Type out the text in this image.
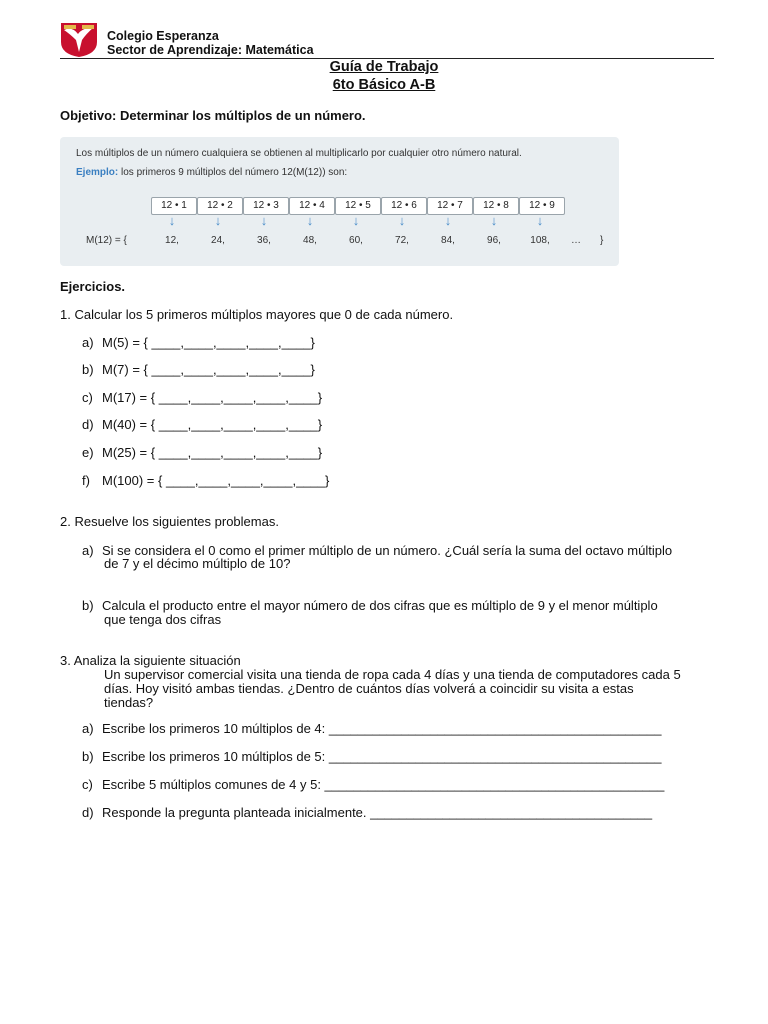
Colegio Esperanza
Sector de Aprendizaje: Matemática
Guía de Trabajo
6to Básico A-B
Objetivo: Determinar los múltiplos de un número.
Los múltiplos de un número cualquiera se obtienen al multiplicarlo por cualquier otro número natural.
Ejemplo: los primeros 9 múltiplos del número 12(M(12)) son:
12 • 1	12 • 2	12 • 3	12 • 4	12 • 5	12 • 6	12 • 7	12 • 8	12 • 9
↓	↓	↓	↓	↓	↓	↓	↓	↓
M(12) = {	12,	24,	36,	48,	60,	72,	84,	96,	108,	…	}
Ejercicios.
1. Calcular los 5 primeros múltiplos mayores que 0 de cada número.
a) M(5) = { ____,____,____,____,____}
b) M(7) = { ____,____,____,____,____}
c) M(17) = { ____,____,____,____,____}
d) M(40) = { ____,____,____,____,____}
e) M(25) = { ____,____,____,____,____}
f) M(100) = { ____,____,____,____,____}
2. Resuelve los siguientes problemas.
a) Si se considera el 0 como el primer múltiplo de un número. ¿Cuál sería la suma del octavo múltiplo
de 7 y el décimo múltiplo de 10?
b) Calcula el producto entre el mayor número de dos cifras que es múltiplo de 9 y el menor múltiplo
que tenga dos cifras
3. Analiza la siguiente situación
Un supervisor comercial visita una tienda de ropa cada 4 días y una tienda de computadores cada 5
días. Hoy visitó ambas tiendas. ¿Dentro de cuántos días volverá a coincidir su visita a estas
tiendas?
a) Escribe los primeros 10 múltiplos de 4: ______________________________________________
b) Escribe los primeros 10 múltiplos de 5: ______________________________________________
c) Escribe 5 múltiplos comunes de 4 y 5: _______________________________________________
d) Responde la pregunta planteada inicialmente. _______________________________________
